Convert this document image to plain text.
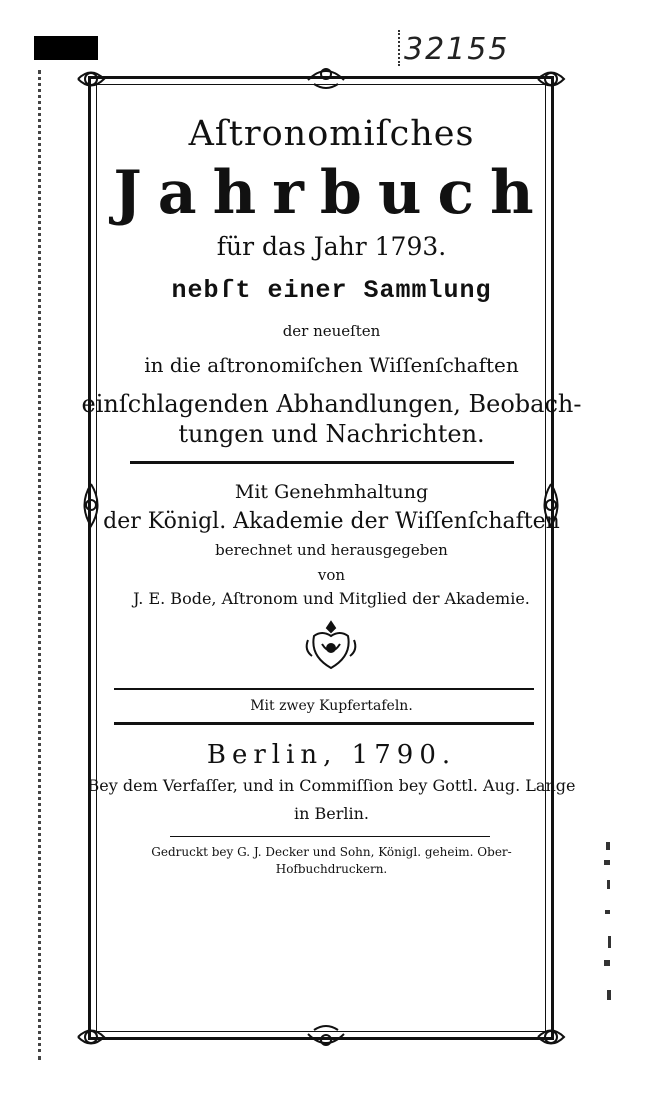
32155
Aſtronomiſches
Jahrbuch
für das Jahr 1793.
nebſt einer Sammlung
der neueſten
in die aſtronomiſchen Wiſſenſchaften
einſchlagenden Abhandlungen, Beobach-
tungen und Nachrichten.
Mit Genehmhaltung
der Königl. Akademie der Wiſſenſchaften
berechnet und herausgegeben
von
J. E. Bode, Aſtronom und Mitglied der Akademie.
Mit zwey Kupfertafeln.
Berlin, 1790.
Bey dem Verfaſſer, und in Commiſſion bey Gottl. Aug. Lange
in Berlin.
Gedruckt bey G. J. Decker und Sohn, Königl. geheim. Ober-
Hofbuchdruckern.
